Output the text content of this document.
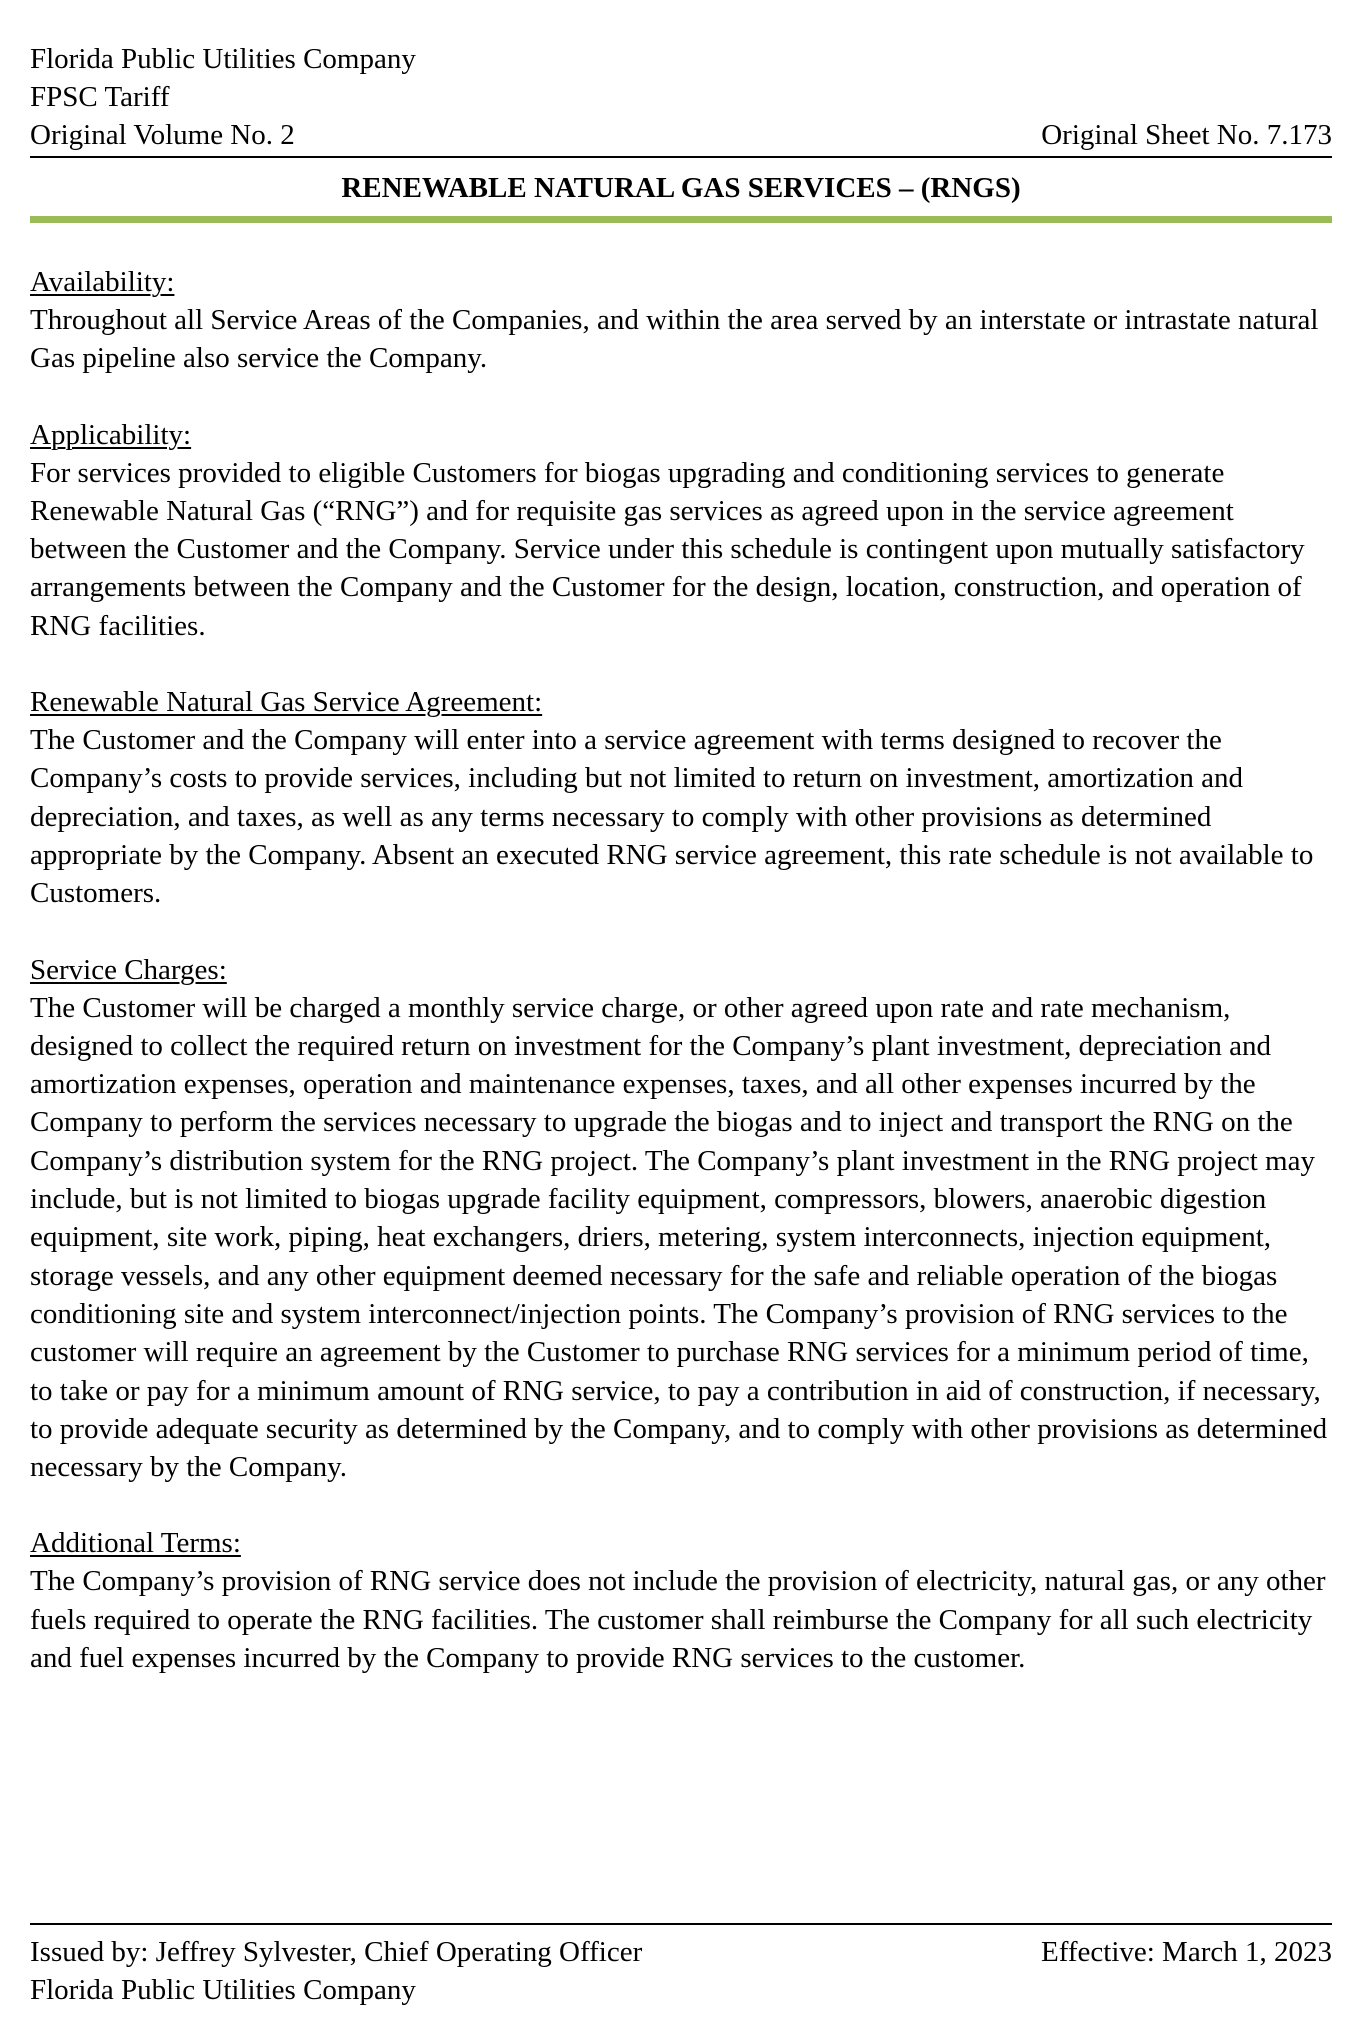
Florida Public Utilities Company
FPSC Tariff
Original Volume No. 2	Original Sheet No. 7.173
RENEWABLE NATURAL GAS SERVICES – (RNGS)
Availability:

Throughout all Service Areas of the Companies, and within the area served by an interstate or intrastate natural Gas pipeline also service the Company.

Applicability:

For services provided to eligible Customers for biogas upgrading and conditioning services to generate Renewable Natural Gas (“RNG”) and for requisite gas services as agreed upon in the service agreement between the Customer and the Company. Service under this schedule is contingent upon mutually satisfactory arrangements between the Company and the Customer for the design, location, construction, and operation of RNG facilities.

Renewable Natural Gas Service Agreement:

The Customer and the Company will enter into a service agreement with terms designed to recover the Company’s costs to provide services, including but not limited to return on investment, amortization and depreciation, and taxes, as well as any terms necessary to comply with other provisions as determined appropriate by the Company. Absent an executed RNG service agreement, this rate schedule is not available to Customers.

Service Charges:

The Customer will be charged a monthly service charge, or other agreed upon rate and rate mechanism, designed to collect the required return on investment for the Company’s plant investment, depreciation and amortization expenses, operation and maintenance expenses, taxes, and all other expenses incurred by the Company to perform the services necessary to upgrade the biogas and to inject and transport the RNG on the Company’s distribution system for the RNG project. The Company’s plant investment in the RNG project may include, but is not limited to biogas upgrade facility equipment, compressors, blowers, anaerobic digestion equipment, site work, piping, heat exchangers, driers, metering, system interconnects, injection equipment, storage vessels, and any other equipment deemed necessary for the safe and reliable operation of the biogas conditioning site and system interconnect/injection points. The Company’s provision of RNG services to the customer will require an agreement by the Customer to purchase RNG services for a minimum period of time, to take or pay for a minimum amount of RNG service, to pay a contribution in aid of construction, if necessary, to provide adequate security as determined by the Company, and to comply with other provisions as determined necessary by the Company.

Additional Terms:

The Company’s provision of RNG service does not include the provision of electricity, natural gas, or any other fuels required to operate the RNG facilities. The customer shall reimburse the Company for all such electricity and fuel expenses incurred by the Company to provide RNG services to the customer.

Issued by: Jeffrey Sylvester, Chief Operating Officer	Effective: March 1, 2023
Florida Public Utilities Company
